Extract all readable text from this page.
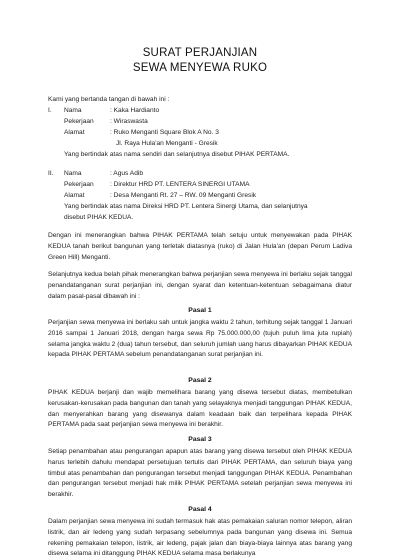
SURAT PERJANJIAN
SEWA MENYEWA RUKO
Kami yang bertanda tangan di bawah ini :
I. Nama	: Kaka Hardianto
Pekerjaan : Wiraswasta
Alamat	: Ruko Menganti Square Blok A No. 3
Jl. Raya Hula'an Menganti - Gresik
Yang bertindak atas nama sendiri dan selanjutnya disebut PIHAK PERTAMA.
II. Nama	: Agus Adib
Pekerjaan : Direktur HRD PT. LENTERA SINERGI UTAMA
Alamat	: Desa Menganti Rt. 27 – RW. 09 Menganti Gresik
Yang bertindak atas nama Direksi HRD PT. Lentera Sinergi Utama, dan selanjutnya
disebut PIHAK KEDUA.
Dengan ini menerangkan bahwa PIHAK PERTAMA telah setuju untuk menyewakan pada PIHAK KEDUA tanah berikut bangunan yang terletak diatasnya (ruko) di Jalan Hula'an (depan Perum Ladiva Green Hill) Menganti.
Selanjutnya kedua belah pihak menerangkan bahwa perjanjian sewa menyewa ini berlaku sejak tanggal penandatanganan surat perjanjian ini, dengan syarat dan ketentuan-ketentuan sebagaimana diatur dalam pasal-pasal dibawah ini :
Pasal 1
Perjanjian sewa menyewa ini berlaku sah untuk jangka waktu 2 tahun, terhitung sejak tanggal 1 Januari 2016 sampai 1 Januari 2018, dengan harga sewa Rp 75.000.000,00 (tujuh puluh lima juta rupiah) selama jangka waktu 2 (dua) tahun tersebut, dan seluruh jumlah uang harus dibayarkan PIHAK KEDUA kepada PIHAK PERTAMA sebelum penandatanganan surat perjanjian ini.
Pasal 2
PIHAK KEDUA berjanji dan wajib memelihara barang yang disewa tersebut diatas, membetulkan kerusakan-kerusakan pada bangunan dan tanah yang selayaknya menjadi tanggungan PIHAK KEDUA, dan menyerahkan barang yang disewanya dalam keadaan baik dan terpelihara kepada PIHAK PERTAMA pada saat perjanjian sewa menyewa ini berakhir.
Pasal 3
Setiap penambahan atau pengurangan apapun atas barang yang disewa tersebut oleh PIHAK KEDUA harus terlebih dahulu mendapat persetujuan tertulis dari PIHAK PERTAMA, dan seluruh biaya yang timbul atas penambahan dan pengurangan tersebut menjadi tanggungan PIHAK KEDUA. Penambahan dan pengurangan tersebut menjadi hak milik PIHAK PERTAMA setelah perjanjian sewa menyewa ini berakhir.
Pasal 4
Dalam perjanjian sewa menyewa ini sudah termasuk hak atas pemakaian saluran nomor telepon, aliran listrik, dan air ledeng yang sudah terpasang sebelumnya pada bangunan yang disewa ini. Semua rekening pemakaian telepon, listrik, air ledeng, pajak jalan dan biaya-biaya lainnya atas barang yang disewa selama ini ditanggung PIHAK KEDUA selama masa berlakunya
